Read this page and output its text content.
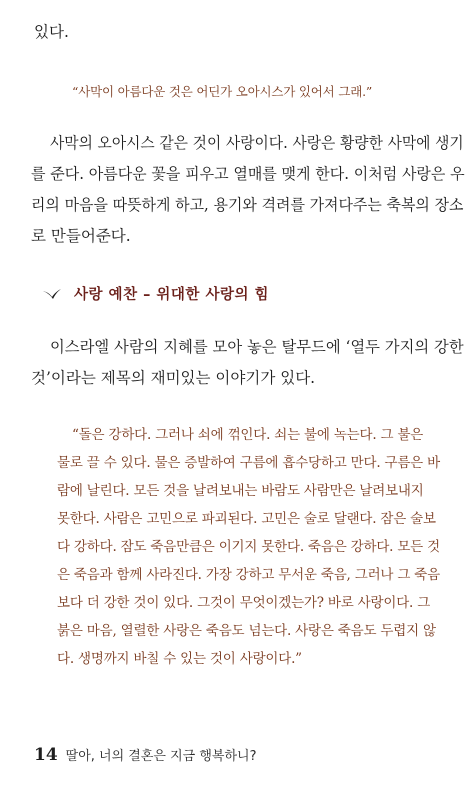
있다.
“사막이 아름다운 것은 어딘가 오아시스가 있어서 그래.”
사막의 오아시스 같은 것이 사랑이다. 사랑은 황량한 사막에 생기
를 준다. 아름다운 꽃을 피우고 열매를 맺게 한다. 이처럼 사랑은 우
리의 마음을 따뜻하게 하고, 용기와 격려를 가져다주는 축복의 장소
로 만들어준다.
사랑 예찬 – 위대한 사랑의 힘
이스라엘 사람의 지혜를 모아 놓은 탈무드에 ‘열두 가지의 강한
것’이라는 제목의 재미있는 이야기가 있다.
“돌은 강하다. 그러나 쇠에 꺾인다. 쇠는 불에 녹는다. 그 불은
물로 끌 수 있다. 물은 증발하여 구름에 흡수당하고 만다. 구름은 바
람에 날린다. 모든 것을 날려보내는 바람도 사람만은 날려보내지
못한다. 사람은 고민으로 파괴된다. 고민은 술로 달랜다. 잠은 술보
다 강하다. 잠도 죽음만큼은 이기지 못한다. 죽음은 강하다. 모든 것
은 죽음과 함께 사라진다. 가장 강하고 무서운 죽음, 그러나 그 죽음
보다 더 강한 것이 있다. 그것이 무엇이겠는가? 바로 사랑이다. 그
붉은 마음, 열렬한 사랑은 죽음도 넘는다. 사랑은 죽음도 두렵지 않
다. 생명까지 바칠 수 있는 것이 사랑이다.”
14 딸아, 너의 결혼은 지금 행복하니?
